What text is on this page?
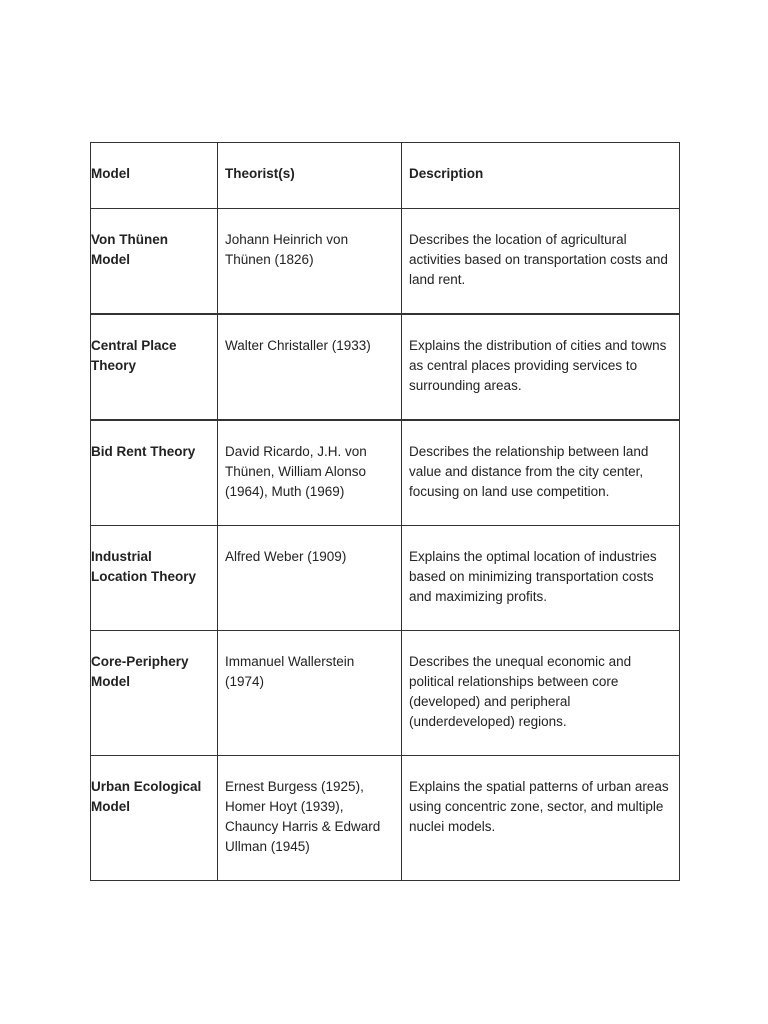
Model	Theorist(s)	Description

Von Thünen Model	Johann Heinrich von Thünen (1826)	Describes the location of agricultural activities based on transportation costs and land rent.

Central Place Theory	Walter Christaller (1933)	Explains the distribution of cities and towns as central places providing services to surrounding areas.

Bid Rent Theory	David Ricardo, J.H. von Thünen, William Alonso (1964), Muth (1969)	Describes the relationship between land value and distance from the city center, focusing on land use competition.

Industrial Location Theory	Alfred Weber (1909)	Explains the optimal location of industries based on minimizing transportation costs and maximizing profits.

Core-Periphery Model	Immanuel Wallerstein (1974)	Describes the unequal economic and political relationships between core (developed) and peripheral (underdeveloped) regions.

Urban Ecological Model	Ernest Burgess (1925), Homer Hoyt (1939), Chauncy Harris & Edward Ullman (1945)	Explains the spatial patterns of urban areas using concentric zone, sector, and multiple nuclei models.
